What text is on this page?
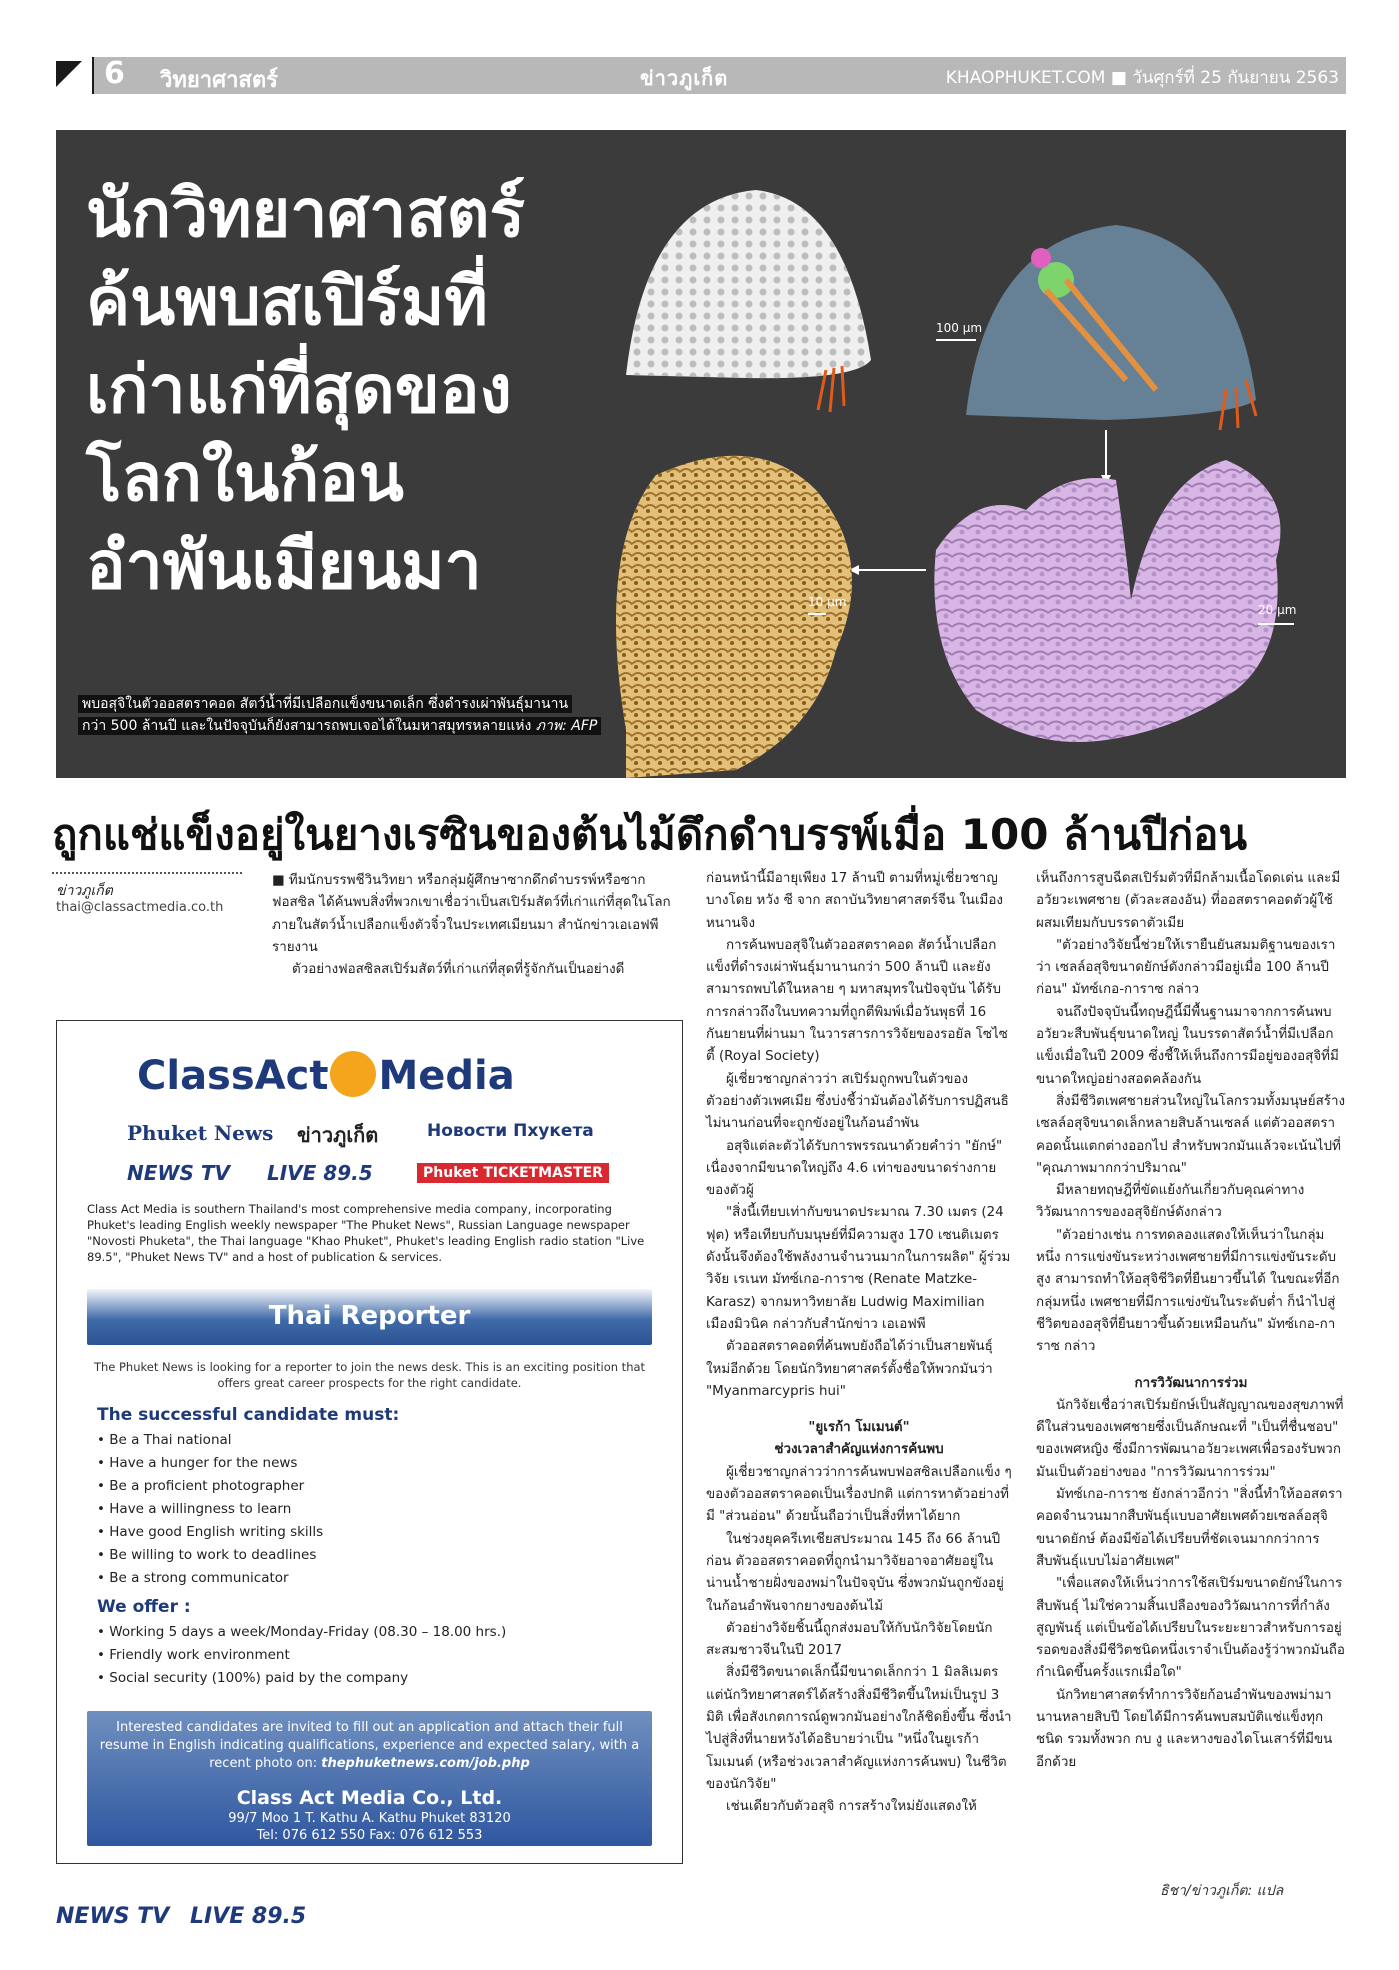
6 วิทยาศาสตร์	ข่าวภูเก็ต	KHAOPHUKET.COM ■ วันศุกร์ที่ 25 กันยายน 2563
นักวิทยาศาสตร์
ค้นพบสเปิร์มที่
เก่าแก่ที่สุดของ
โลกในก้อน
อำพันเมียนมา
100 µm
10 µm
20 µm
พบอสุจิในตัวออสตราคอด สัตว์น้ำที่มีเปลือกแข็งขนาดเล็ก ซึ่งดำรงเผ่าพันธุ์มานาน
กว่า 500 ล้านปี และในปัจจุบันก็ยังสามารถพบเจอได้ในมหาสมุทรหลายแห่ง ภาพ: AFP
ถูกแช่แข็งอยู่ในยางเรซินของต้นไม้ดึกดำบรรพ์เมื่อ 100 ล้านปีก่อน
ข่าวภูเก็ต
thai@classactmedia.co.th

■ ทีมนักบรรพชีวินวิทยา หรือกลุ่มผู้ศึกษาซากดึกดำบรรพ์หรือซากฟอสซิล ได้ค้นพบสิ่งที่พวกเขาเชื่อว่าเป็นสเปิร์มสัตว์ที่เก่าแก่ที่สุดในโลก ภายในสัตว์น้ำเปลือกแข็งตัวจิ๋วในประเทศเมียนมา สำนักข่าวเอเอฟพี รายงาน

ตัวอย่างฟอสซิลสเปิร์มสัตว์ที่เก่าแก่ที่สุดที่รู้จักกันเป็นอย่างดี

ก่อนหน้านี้มีอายุเพียง 17 ล้านปี ตามที่หมู่เชี่ยวชาญบางโดย หวัง ซี จาก สถาบันวิทยาศาสตร์จีน ในเมืองหนานจิง

การค้นพบอสุจิในตัวออสตราคอด สัตว์น้ำเปลือกแข็งที่ดำรงเผ่าพันธุ์มานานกว่า 500 ล้านปี และยังสามารถพบได้ในหลาย ๆ มหาสมุทรในปัจจุบัน ได้รับการกล่าวถึงในบทความที่ถูกตีพิมพ์เมื่อวันพุธที่ 16 กันยายนที่ผ่านมา ในวารสารการวิจัยของรอยัล โซไซตี้ (Royal Society)

ผู้เชี่ยวชาญกล่าวว่า สเปิร์มถูกพบในตัวของตัวอย่างตัวเพศเมีย ซึ่งบ่งชี้ว่ามันต้องได้รับการปฏิสนธิไม่นานก่อนที่จะถูกขังอยู่ในก้อนอำพัน

อสุจิแต่ละตัวได้รับการพรรณนาด้วยคำว่า "ยักษ์" เนื่องจากมีขนาดใหญ่ถึง 4.6 เท่าของขนาดร่างกายของตัวผู้

"สิ่งนี้เทียบเท่ากับขนาดประมาณ 7.30 เมตร (24 ฟุต) หรือเทียบกับมนุษย์ที่มีความสูง 170 เซนติเมตร ดังนั้นจึงต้องใช้พลังงานจำนวนมากในการผลิต" ผู้ร่วมวิจัย เรเนท มัทซ์เกอ-การาซ (Renate Matzke-Karasz) จากมหาวิทยาลัย Ludwig Maximilian เมืองมิวนิค กล่าวกับสำนักข่าว เอเอฟพี

ตัวออสตราคอดที่ค้นพบยังถือได้ว่าเป็นสายพันธุ์ใหม่อีกด้วย โดยนักวิทยาศาสตร์ตั้งชื่อให้พวกมันว่า "Myanmarcypris hui"

"ยูเรก้า โมเมนต์"

ช่วงเวลาสำคัญแห่งการค้นพบ

ผู้เชี่ยวชาญกล่าวว่าการค้นพบฟอสซิลเปลือกแข็ง ๆ ของตัวออสตราคอดเป็นเรื่องปกติ แต่การหาตัวอย่างที่มี "ส่วนอ่อน" ด้วยนั้นถือว่าเป็นสิ่งที่หาได้ยาก

ในช่วงยุคครีเทเชียสประมาณ 145 ถึง 66 ล้านปีก่อน ตัวออสตราคอดที่ถูกนำมาวิจัยอาจอาศัยอยู่ในน่านน้ำชายฝั่งของพม่าในปัจจุบัน ซึ่งพวกมันถูกขังอยู่ในก้อนอำพันจากยางของต้นไม้

ตัวอย่างวิจัยชิ้นนี้ถูกส่งมอบให้กับนักวิจัยโดยนักสะสมชาวจีนในปี 2017

สิ่งมีชีวิตขนาดเล็กนี้มีขนาดเล็กกว่า 1 มิลลิเมตร แต่นักวิทยาศาสตร์ได้สร้างสิ่งมีชีวิตขึ้นใหม่เป็นรูป 3 มิติ เพื่อสังเกตการณ์ดูพวกมันอย่างใกล้ชิดยิ่งขึ้น ซึ่งนำไปสู่สิ่งที่นายหวังได้อธิบายว่าเป็น "หนึ่งในยูเรก้าโมเมนต์ (หรือช่วงเวลาสำคัญแห่งการค้นพบ) ในชีวิตของนักวิจัย"

เช่นเดียวกับตัวอสุจิ การสร้างใหม่ยังแสดงให้

เห็นถึงการสูบฉีดสเปิร์มตัวที่มีกล้ามเนื้อโดดเด่น และมีอวัยวะเพศชาย (ตัวละสองอัน) ที่ออสตราคอดตัวผู้ใช้ผสมเทียมกับบรรดาตัวเมีย

"ตัวอย่างวิจัยนี้ช่วยให้เรายืนยันสมมติฐานของเราว่า เซลล์อสุจิขนาดยักษ์ดังกล่าวมีอยู่เมื่อ 100 ล้านปีก่อน" มัทซ์เกอ-การาซ กล่าว

จนถึงปัจจุบันนี้ทฤษฎีนี้มีพื้นฐานมาจากการค้นพบอวัยวะสืบพันธุ์ขนาดใหญ่ ในบรรดาสัตว์น้ำที่มีเปลือกแข็งเมื่อในปี 2009 ซึ่งชี้ให้เห็นถึงการมีอยู่ของอสุจิที่มีขนาดใหญ่อย่างสอดคล้องกัน

สิ่งมีชีวิตเพศชายส่วนใหญ่ในโลกรวมทั้งมนุษย์สร้างเซลล์อสุจิขนาดเล็กหลายสิบล้านเซลล์ แต่ตัวออสตราคอดนั้นแตกต่างออกไป สำหรับพวกมันแล้วจะเน้นไปที่ "คุณภาพมากกว่าปริมาณ"

มีหลายทฤษฎีที่ขัดแย้งกันเกี่ยวกับคุณค่าทางวิวัฒนาการของอสุจิยักษ์ดังกล่าว

"ตัวอย่างเช่น การทดลองแสดงให้เห็นว่าในกลุ่มหนึ่ง การแข่งขันระหว่างเพศชายที่มีการแข่งขันระดับสูง สามารถทำให้อสุจิชีวิตที่ยืนยาวขึ้นได้ ในขณะที่อีกกลุ่มหนึ่ง เพศชายที่มีการแข่งขันในระดับต่ำ ก็นำไปสู่ชีวิตของอสุจิที่ยืนยาวขึ้นด้วยเหมือนกัน" มัทซ์เกอ-การาซ กล่าว

การวิวัฒนาการร่วม

นักวิจัยเชื่อว่าสเปิร์มยักษ์เป็นสัญญาณของสุขภาพที่ดีในส่วนของเพศชายซึ่งเป็นลักษณะที่ "เป็นที่ชื่นชอบ" ของเพศหญิง ซึ่งมีการพัฒนาอวัยวะเพศเพื่อรองรับพวกมันเป็นตัวอย่างของ "การวิวัฒนาการร่วม"

มัทซ์เกอ-การาซ ยังกล่าวอีกว่า "สิ่งนี้ทำให้ออสตราคอดจำนวนมากสืบพันธุ์แบบอาศัยเพศด้วยเซลล์อสุจิขนาดยักษ์ ต้องมีข้อได้เปรียบที่ชัดเจนมากกว่าการสืบพันธุ์แบบไม่อาศัยเพศ"

"เพื่อแสดงให้เห็นว่าการใช้สเปิร์มขนาดยักษ์ในการสืบพันธุ์ ไม่ใช่ความสิ้นเปลืองของวิวัฒนาการที่กำลังสูญพันธุ์ แต่เป็นข้อได้เปรียบในระยะยาวสำหรับการอยู่รอดของสิ่งมีชีวิตชนิดหนึ่งเราจำเป็นต้องรู้ว่าพวกมันถือกำเนิดขึ้นครั้งแรกเมื่อใด"

นักวิทยาศาสตร์ทำการวิจัยก้อนอำพันของพม่ามานานหลายสิบปี โดยได้มีการค้นพบสมบัติแช่แข็งทุกชนิด รวมทั้งพวก กบ งู และหางของไดโนเสาร์ที่มีขนอีกด้วย

ธิชา/ข่าวภูเก็ต: แปล
ClassAct Media
Phuket News ข่าวภูเก็ต	Новости Пхукета
NEWS TV LIVE 89.5	Phuket TICKETMASTER
Class Act Media is southern Thailand's most comprehensive media company, incorporating Phuket's leading English weekly newspaper "The Phuket News", Russian Language newspaper "Novosti Phuketa", the Thai language "Khao Phuket", Phuket's leading English radio station "Live 89.5", "Phuket News TV" and a host of publication & services.
Thai Reporter
The Phuket News is looking for a reporter to join the news desk. This is an exciting position that offers great career prospects for the right candidate.
The successful candidate must:
• Be a Thai national
• Have a hunger for the news
• Be a proficient photographer
• Have a willingness to learn
• Have good English writing skills
• Be willing to work to deadlines
• Be a strong communicator
We offer :
• Working 5 days a week/Monday-Friday (08.30 – 18.00 hrs.)
• Friendly work environment
• Social security (100%) paid by the company
Interested candidates are invited to fill out an application and attach their full resume in English indicating qualifications, experience and expected salary, with a recent photo on: thephuketnews.com/job.php
Class Act Media Co., Ltd.
99/7 Moo 1 T. Kathu A. Kathu Phuket 83120
Tel: 076 612 550 Fax: 076 612 553
NEWS TV LIVE 89.5
